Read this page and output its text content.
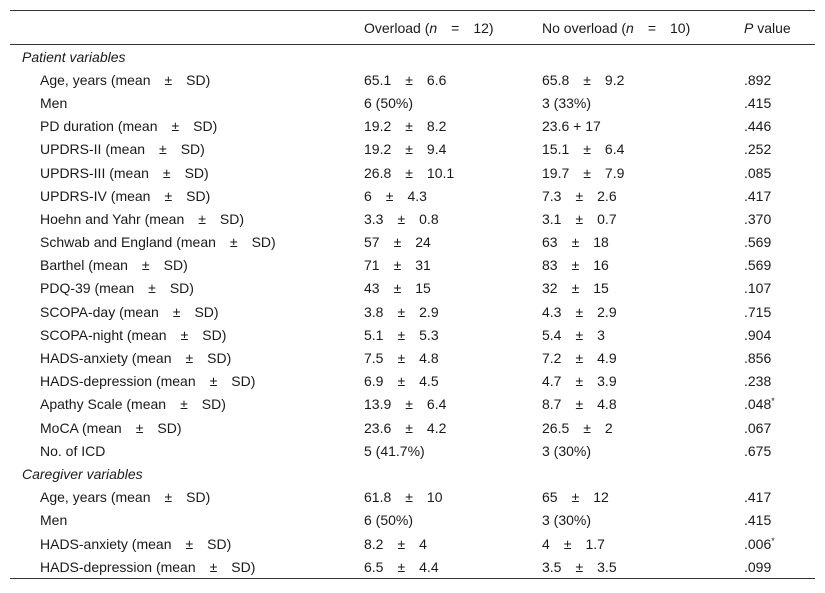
	Overload (n  =  12)	No overload (n  =  10)	P value
Patient variables			
Age, years (mean  ±  SD)	65.1  ±  6.6	65.8  ±  9.2	.892
Men	6 (50%)	3 (33%)	.415
PD duration (mean  ±  SD)	19.2  ±  8.2	23.6 + 17	.446
UPDRS-II (mean  ±  SD)	19.2  ±  9.4	15.1  ±  6.4	.252
UPDRS-III (mean  ±  SD)	26.8  ±  10.1	19.7  ±  7.9	.085
UPDRS-IV (mean  ±  SD)	6  ±  4.3	7.3  ±  2.6	.417
Hoehn and Yahr (mean  ±  SD)	3.3  ±  0.8	3.1  ±  0.7	.370
Schwab and England (mean  ±  SD)	57  ±  24	63  ±  18	.569
Barthel (mean  ±  SD)	71  ±  31	83  ±  16	.569
PDQ-39 (mean  ±  SD)	43  ±  15	32  ±  15	.107
SCOPA-day (mean  ±  SD)	3.8  ±  2.9	4.3  ±  2.9	.715
SCOPA-night (mean  ±  SD)	5.1  ±  5.3	5.4  ±  3	.904
HADS-anxiety (mean  ±  SD)	7.5  ±  4.8	7.2  ±  4.9	.856
HADS-depression (mean  ±  SD)	6.9  ±  4.5	4.7  ±  3.9	.238
Apathy Scale (mean  ±  SD)	13.9  ±  6.4	8.7  ±  4.8	.048*
MoCA (mean  ±  SD)	23.6  ±  4.2	26.5  ±  2	.067
No. of ICD	5 (41.7%)	3 (30%)	.675
Caregiver variables			
Age, years (mean  ±  SD)	61.8  ±  10	65  ±  12	.417
Men	6 (50%)	3 (30%)	.415
HADS-anxiety (mean  ±  SD)	8.2  ±  4	4  ±  1.7	.006*
HADS-depression (mean  ±  SD)	6.5  ±  4.4	3.5  ±  3.5	.099
